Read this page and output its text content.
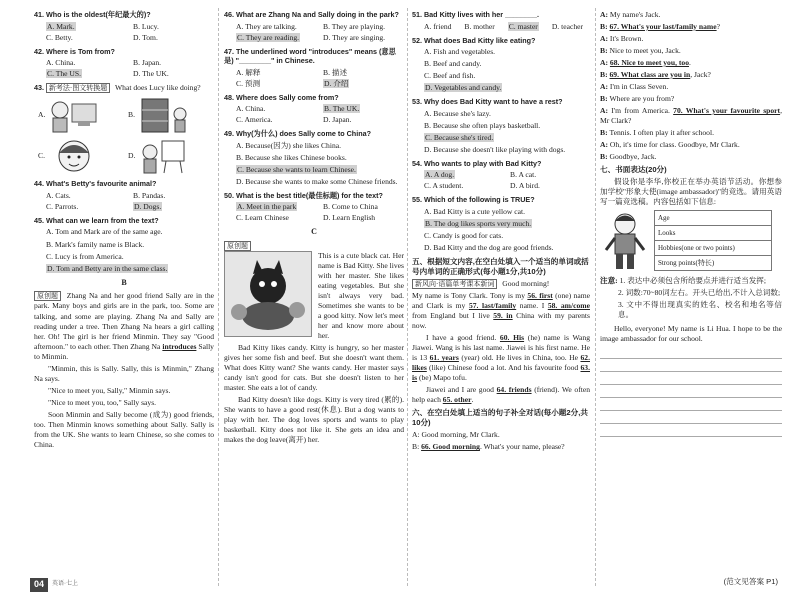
41. Who is the oldest(年纪最大的)?
A. Mark.	B. Lucy.
C. Betty.	D. Tom.
42. Where is Tom from?
A. China.	B. Japan.
C. The US.	D. The UK.
43. 新考法·图文转换题 What does Lucy like doing?
A.	B.
C.	D.
44. What's Betty's favourite animal?
A. Cats.	B. Pandas.
C. Parrots.	D. Dogs.
45. What can we learn from the text?
A. Tom and Mark are of the same age.
B. Mark's family name is Black.
C. Lucy is from America.
D. Tom and Betty are in the same class.
B
原创题 Zhang Na and her good friend Sally are in the park. Many boys and girls are in the park, too. Some are talking, and some are playing. Zhang Na and Sally are reading under a tree. Then Zhang Na hears a girl calling her. Oh! The girl is her friend Minmin. They say "Good afternoon." to each other. Then Zhang Na introduces Sally to Minmin.
"Minmin, this is Sally. Sally, this is Minmin," Zhang Na says.
"Nice to meet you, Sally," Minmin says.
"Nice to meet you, too," Sally says.
Soon Minmin and Sally become (成为) good friends, too. Then Minmin knows something about Sally. Sally is from the UK. She wants to learn Chinese, so she comes to China.
46. What are Zhang Na and Sally doing in the park?
A. They are talking.	B. They are playing.
C. They are reading.	D. They are singing.
47. The underlined word "introduces" means (意思是) "________" in Chinese.
A. 解释	B. 描述
C. 预测	D. 介绍
48. Where does Sally come from?
A. China.	B. The UK.
C. America.	D. Japan.
49. Why(为什么) does Sally come to China?
A. Because(因为) she likes China.
B. Because she likes Chinese books.
C. Because she wants to learn Chinese.
D. Because she wants to make some Chinese friends.
50. What is the best title(最佳标题) for the text?
A. Meet in the park	B. Come to China
C. Learn Chinese	D. Learn English
C
原创题

This is a cute black cat. Her name is Bad Kitty. She lives with her master. She likes eating vegetables. But she isn't always very bad. Sometimes she wants to be a good kitty. Now let's meet her and know more about her.
Bad Kitty likes candy. Kitty is hungry, so her master gives her some fish and beef. But she doesn't want them. What does Kitty want? She wants candy. Her master says candy isn't good for cats. But she doesn't listen to her master. She eats a lot of candy.
Bad Kitty doesn't like dogs. Kitty is very tired (累的). She wants to have a good rest(休息). But a dog wants to play with her. The dog loves sports and wants to play basketball. Kitty does not like it. She gets an idea and makes the dog leave(离开) her.
51. Bad Kitty lives with her ________.
A. friend	B. mother	C. master	D. teacher
52. What does Bad Kitty like eating?
A. Fish and vegetables.
B. Beef and candy.
C. Beef and fish.
D. Vegetables and candy.
53. Why does Bad Kitty want to have a rest?
A. Because she's lazy.
B. Because she often plays basketball.
C. Because she's tired.
D. Because she doesn't like playing with dogs.
54. Who wants to play with Bad Kitty?
A. A dog.	B. A cat.
C. A student.	D. A bird.
55. Which of the following is TRUE?
A. Bad Kitty is a cute yellow cat.
B. The dog likes sports very much.
C. Candy is good for cats.
D. Bad Kitty and the dog are good friends.
五、根据短文内容,在空白处填入一个适当的单词或括号内单词的正确形式(每小题1分,共10分)
新风向·语篇单考课本新词 Good morning!
My name is Tony Clark. Tony is my 56. first (one) name and Clark is my 57. last/family name. I 58. am/come from England but I live 59. in China with my parents now.
I have a good friend. 60. His (he) name is Wang Jiawei. Wang is his last name. Jiawei is his first name. He is 13 61. years (year) old. He lives in China, too. He 62. likes (like) Chinese food a lot. And his favourite food 63. is (be) Mapo tofu.
Jiawei and I are good 64. friends (friend). We often help each 65. other.
六、在空白处填上适当的句子补全对话(每小题2分,共10分)
A: Good morning, Mr Clark.
B: 66. Good morning. What's your name, please?
A: My name's Jack.
B: 67. What's your last/family name?
A: It's Brown.
B: Nice to meet you, Jack.
A: 68. Nice to meet you, too.
B: 69. What class are you in, Jack?
A: I'm in Class Seven.
B: Where are you from?
A: I'm from America. 70. What's your favourite sport, Mr Clark?
B: Tennis. I often play it after school.
A: Oh, it's time for class. Goodbye, Mr Clark.
B: Goodbye, Jack.
七、书面表达(20分)
假设你是李华,你校正在举办英语节活动。你想参加学校"形象大使(image ambassador)"的竞选。请用英语写一篇竞选稿。内容包括如下信息:
Age
Looks
Hobbies(one or two points)
Strong points(特长)
注意: 1. 表达中必须包含所给要点并进行适当发挥;
2. 词数:70~80词左右。开头已给出,不计入总词数;
3. 文中不得出现真实的姓名、校名和地名等信息。
Hello, everyone! My name is Li Hua. I hope to be the image ambassador for our school.
(范文见答案 P1)
04	英语·七上
